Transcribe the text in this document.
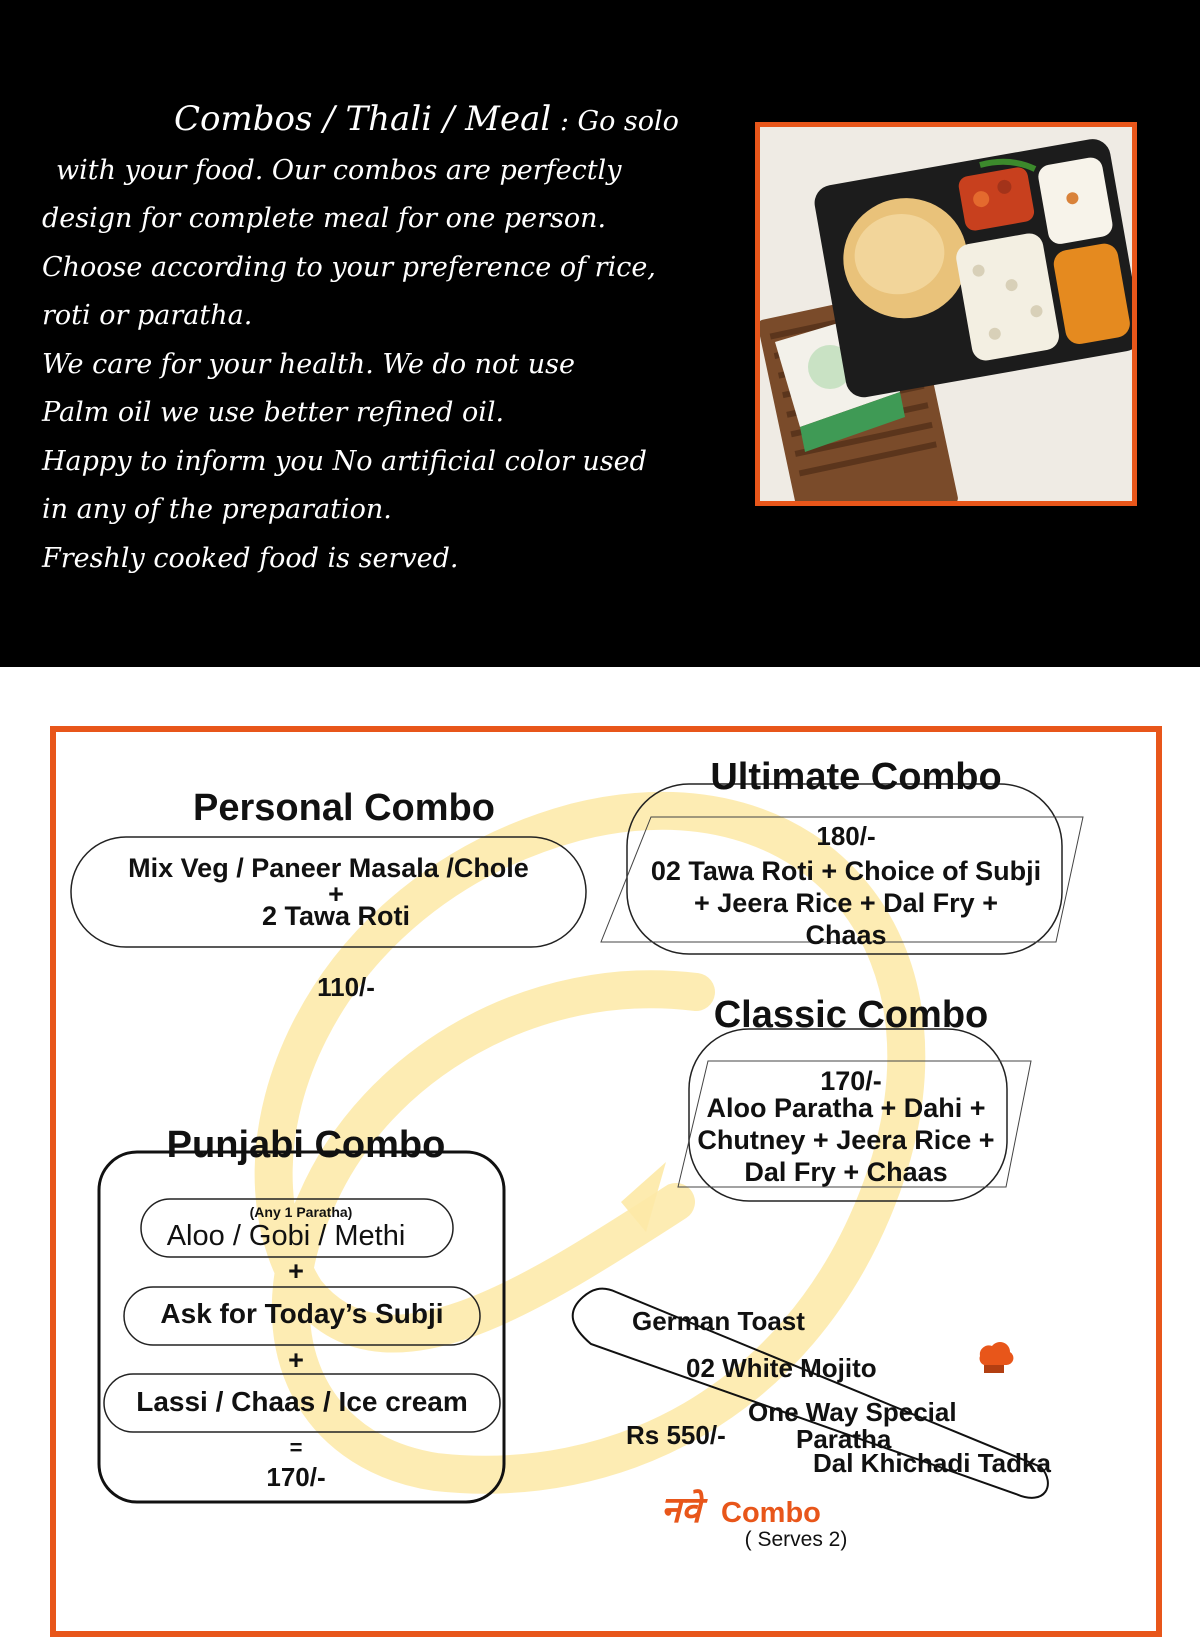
Combos / Thali / Meal : Go solo

with your food. Our combos are perfectly

design for complete meal for one person.

Choose according to your preference of rice,

roti or paratha.

We care for your health. We do not use

Palm oil we use better refined oil.

Happy to inform you No artificial color used

in any of the preparation.

Freshly cooked food is served.

Personal Combo
Mix Veg / Paneer Masala /Chole
+
2 Tawa Roti
110/-
Ultimate Combo
180/-
02 Tawa Roti + Choice of Subji
+ Jeera Rice + Dal Fry +
Chaas
Classic Combo
170/-
Aloo Paratha + Dahi +
Chutney + Jeera Rice +
Dal Fry + Chaas
Punjabi Combo
(Any 1 Paratha)
Aloo / Gobi / Methi
+
Ask for Today’s Subji
+
Lassi / Chaas / Ice cream
=
170/-
German Toast
02 White Mojito
One Way Special
Paratha
Dal Khichadi Tadka
Rs 550/-
नवे Combo
( Serves 2)
